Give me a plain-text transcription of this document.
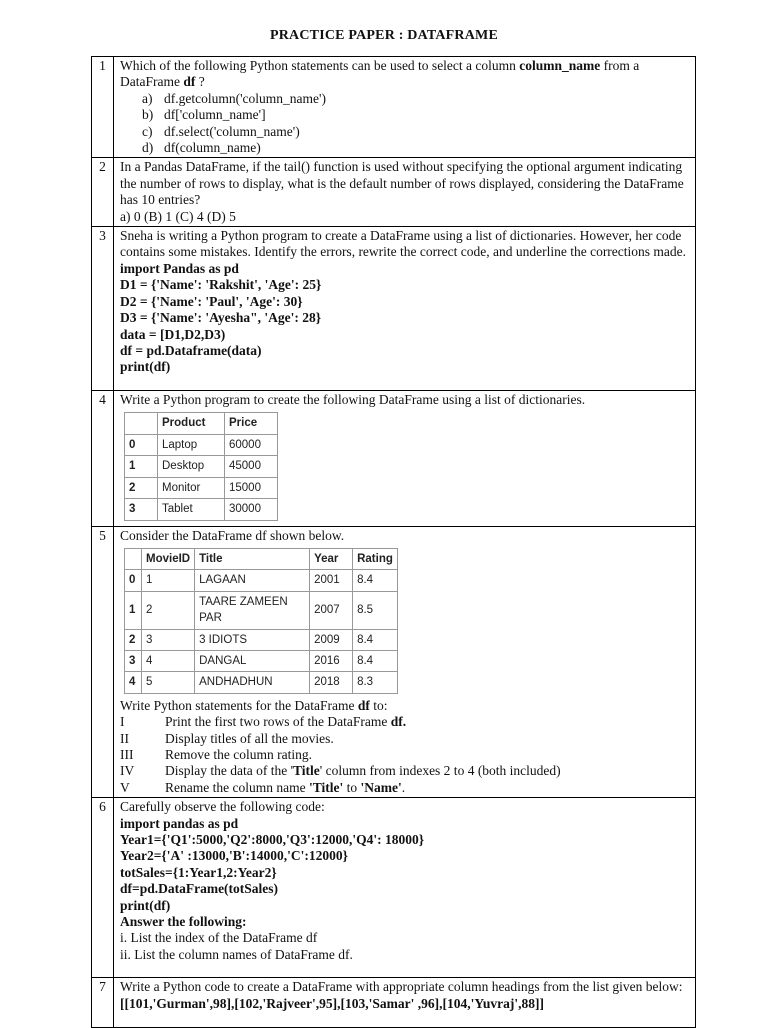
PRACTICE PAPER : DATAFRAME
1	Which of the following Python statements can be used to select a column column_name from a DataFrame df ?
a) df.getcolumn('column_name')
b) df['column_name']
c) df.select('column_name')
d) df(column_name)

2	In a Pandas DataFrame, if the tail() function is used without specifying the optional argument indicating the number of rows to display, what is the default number of rows displayed, considering the DataFrame has 10 entries?
a) 0 (B) 1 (C) 4 (D) 5

3	Sneha is writing a Python program to create a DataFrame using a list of dictionaries. However, her code contains some mistakes. Identify the errors, rewrite the correct code, and underline the corrections made.
import Pandas as pd
D1 = {'Name': 'Rakshit', 'Age': 25}
D2 = {'Name': 'Paul', 'Age': 30}
D3 = {'Name': 'Ayesha", 'Age': 28}
data = [D1,D2,D3)
df = pd.Dataframe(data)
print(df)

4	Write a Python program to create the following DataFrame using a list of dictionaries.
	Product	Price
0	Laptop	60000
1	Desktop	45000
2	Monitor	15000
3	Tablet	30000

5	Consider the DataFrame df shown below.
	MovieID	Title	Year	Rating
0	1	LAGAAN	2001	8.4
1	2	TAARE ZAMEEN PAR	2007	8.5
2	3	3 IDIOTS	2009	8.4
3	4	DANGAL	2016	8.4
4	5	ANDHADHUN	2018	8.3
Write Python statements for the DataFrame df to:
I	Print the first two rows of the DataFrame df.
II	Display titles of all the movies.
III Remove the column rating.
IV Display the data of the 'Title' column from indexes 2 to 4 (both included)
V	Rename the column name 'Title' to 'Name'.

6	Carefully observe the following code:
import pandas as pd
Year1={'Q1':5000,'Q2':8000,'Q3':12000,'Q4': 18000}
Year2={'A' :13000,'B':14000,'C':12000}
totSales={1:Year1,2:Year2}
df=pd.DataFrame(totSales)
print(df)
Answer the following:
i. List the index of the DataFrame df
ii. List the column names of DataFrame df.

7	Write a Python code to create a DataFrame with appropriate column headings from the list given below:
[[101,'Gurman',98],[102,'Rajveer',95],[103,'Samar' ,96],[104,'Yuvraj',88]]
